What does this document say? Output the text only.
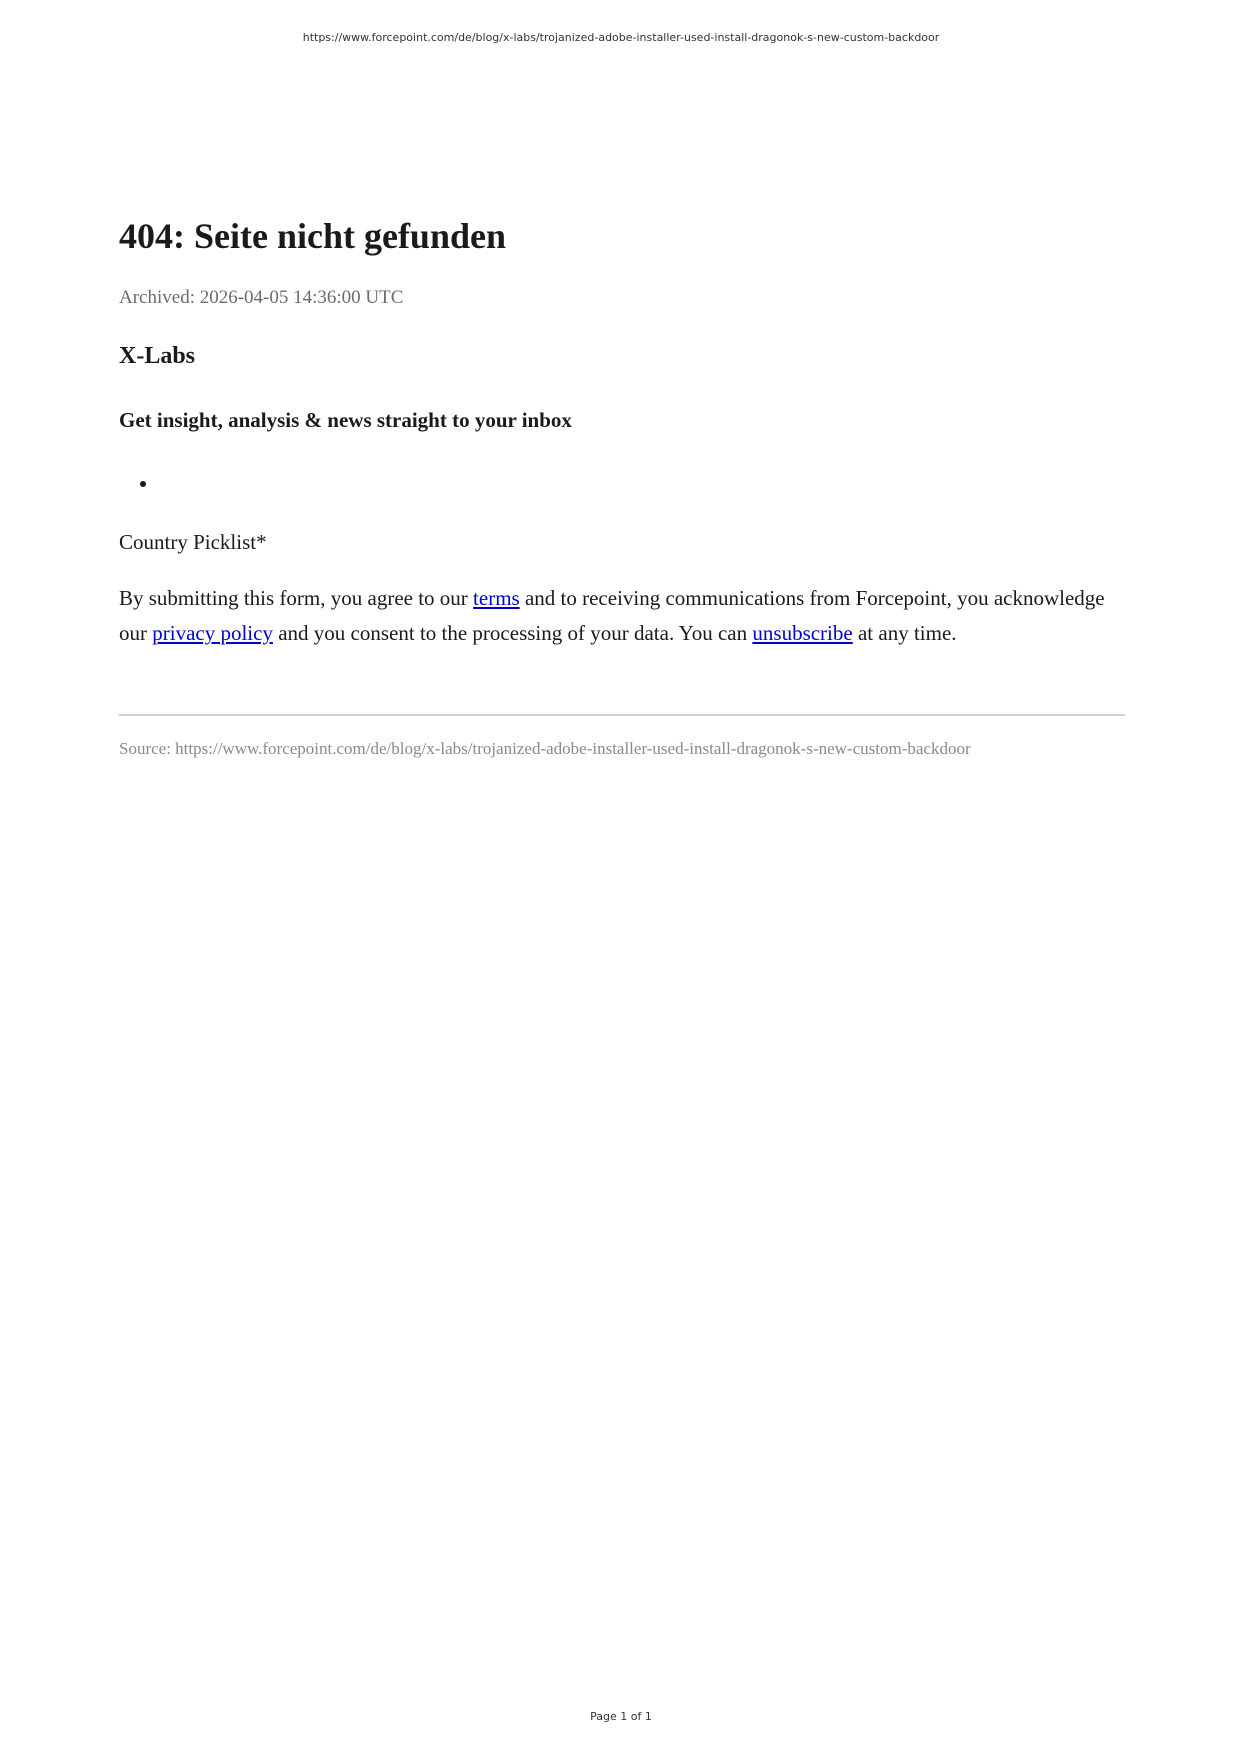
https://www.forcepoint.com/de/blog/x-labs/trojanized-adobe-installer-used-install-dragonok-s-new-custom-backdoor
404: Seite nicht gefunden

Archived: 2026-04-05 14:36:00 UTC

X-Labs
Get insight, analysis & news straight to your inbox

Country Picklist*

By submitting this form, you agree to our terms and to receiving communications from Forcepoint, you acknowledge our privacy policy and you consent to the processing of your data. You can unsubscribe at any time.

Source: https://www.forcepoint.com/de/blog/x-labs/trojanized-adobe-installer-used-install-dragonok-s-new-custom-backdoor

Page 1 of 1
